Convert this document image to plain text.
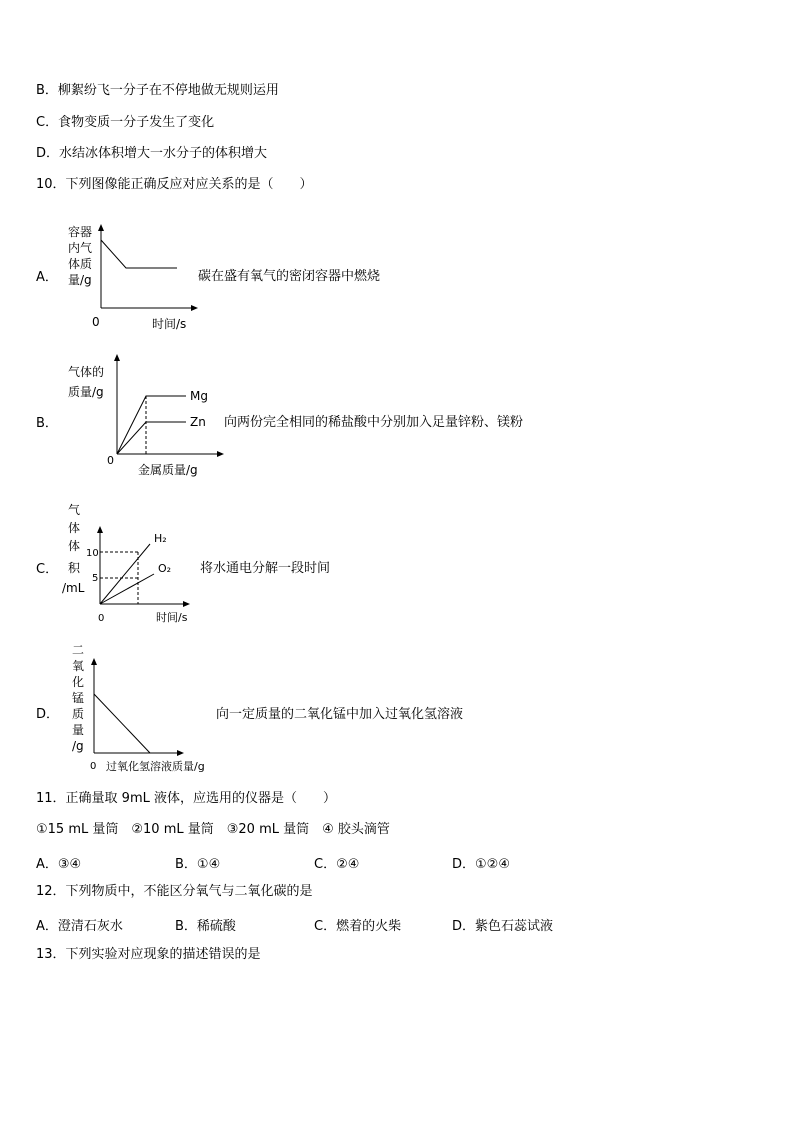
B．柳絮纷飞一分子在不停地做无规则运用
C．食物变质一分子发生了变化
D．水结冰体积增大一水分子的体积增大
10．下列图像能正确反应对应关系的是（　　）
A．
容器
内气
体质
量/g
0	时间/s
碳在盛有氧气的密闭容器中燃烧
B．
气体的
质量/g	Mg
Zn
0
金属质量/g
向两份完全相同的稀盐酸中分别加入足量锌粉、镁粉
C．
气
体
体
积
/mL
10
5
H₂
O₂
0	时间/s
将水通电分解一段时间
D．
二
氧
化
锰
质
量
/g
0 过氧化氢溶液质量/g
向一定质量的二氧化锰中加入过氧化氢溶液
11．正确量取 9mL 液体，应选用的仪器是（　　）
①15 mL 量筒　②10 mL 量筒　③20 mL 量筒　④ 胶头滴管
A．③④	B．①④	C．②④	D．①②④
12．下列物质中，不能区分氧气与二氧化碳的是
A．澄清石灰水	B．稀硫酸	C．燃着的火柴	D．紫色石蕊试液
13．下列实验对应现象的描述错误的是
